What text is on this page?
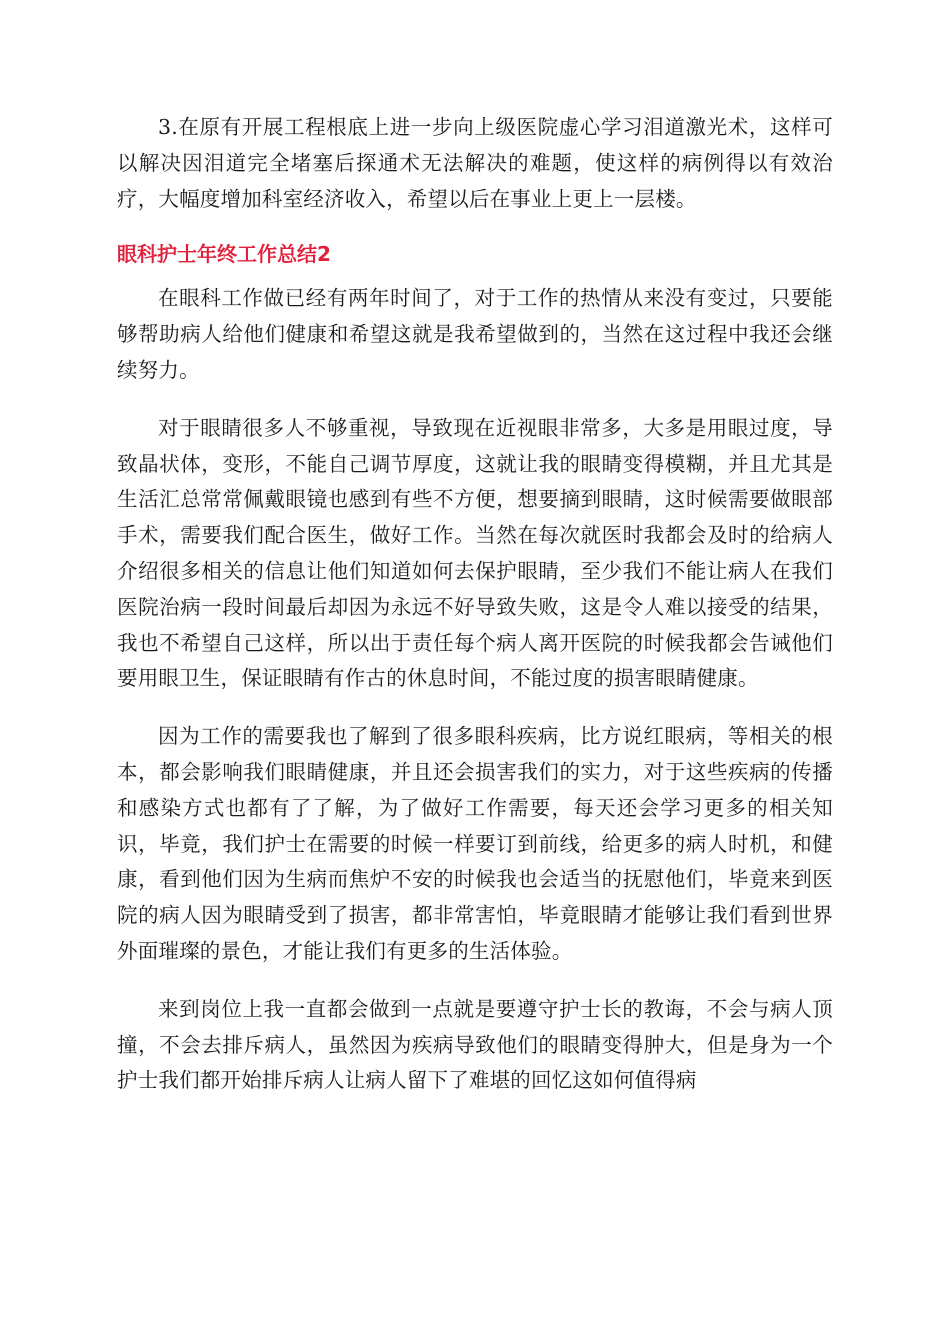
3.在原有开展工程根底上进一步向上级医院虚心学习泪道激光术，这样可以解决因泪道完全堵塞后探通术无法解决的难题，使这样的病例得以有效治疗，大幅度增加科室经济收入，希望以后在事业上更上一层楼。

眼科护士年终工作总结2

在眼科工作做已经有两年时间了，对于工作的热情从来没有变过，只要能够帮助病人给他们健康和希望这就是我希望做到的，当然在这过程中我还会继续努力。

对于眼睛很多人不够重视，导致现在近视眼非常多，大多是用眼过度，导致晶状体，变形，不能自己调节厚度，这就让我的眼睛变得模糊，并且尤其是生活汇总常常佩戴眼镜也感到有些不方便，想要摘到眼睛，这时候需要做眼部手术，需要我们配合医生，做好工作。当然在每次就医时我都会及时的给病人介绍很多相关的信息让他们知道如何去保护眼睛，至少我们不能让病人在我们医院治病一段时间最后却因为永远不好导致失败，这是令人难以接受的结果，我也不希望自己这样，所以出于责任每个病人离开医院的时候我都会告诫他们要用眼卫生，保证眼睛有作古的休息时间，不能过度的损害眼睛健康。

因为工作的需要我也了解到了很多眼科疾病，比方说红眼病，等相关的根本，都会影响我们眼睛健康，并且还会损害我们的实力，对于这些疾病的传播和感染方式也都有了了解，为了做好工作需要，每天还会学习更多的相关知识，毕竟，我们护士在需要的时候一样要订到前线，给更多的病人时机，和健康，看到他们因为生病而焦炉不安的时候我也会适当的抚慰他们，毕竟来到医院的病人因为眼睛受到了损害，都非常害怕，毕竟眼睛才能够让我们看到世界外面璀璨的景色，才能让我们有更多的生活体验。

来到岗位上我一直都会做到一点就是要遵守护士长的教诲，不会与病人顶撞，不会去排斥病人，虽然因为疾病导致他们的眼睛变得肿大，但是身为一个护士我们都开始排斥病人让病人留下了难堪的回忆这如何值得病
